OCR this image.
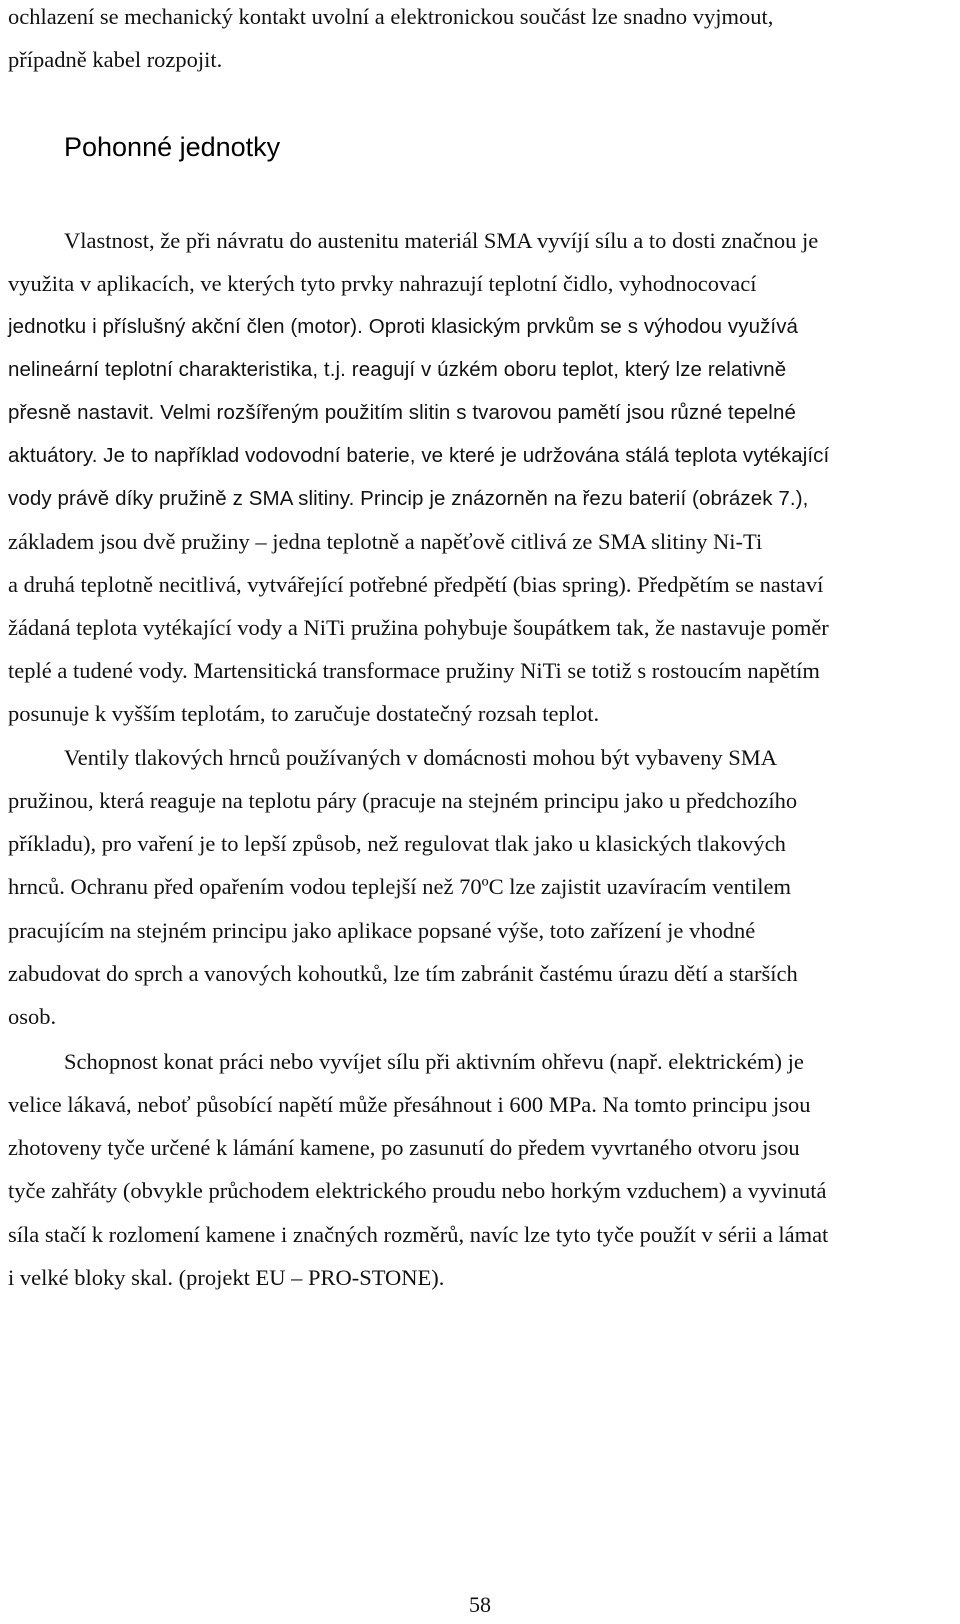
ochlazení se mechanický kontakt uvolní a elektronickou součást lze snadno vyjmout,
případně kabel rozpojit.
Pohonné jednotky
Vlastnost, že při návratu do austenitu materiál SMA vyvíjí sílu a to dosti značnou je
využita v aplikacích, ve kterých tyto prvky nahrazují teplotní čidlo, vyhodnocovací
jednotku i příslušný akční člen (motor). Oproti klasickým prvkům se s výhodou využívá
nelineární teplotní charakteristika, t.j. reagují v úzkém oboru teplot, který lze relativně
přesně nastavit. Velmi rozšířeným použitím slitin s tvarovou pamětí jsou různé tepelné
aktuátory. Je to například vodovodní baterie, ve které je udržována stálá teplota vytékající
vody právě díky pružině z SMA slitiny. Princip je znázorněn na řezu baterií (obrázek 7.),
základem jsou dvě pružiny – jedna teplotně a napěťově citlivá ze SMA slitiny Ni-Ti
a druhá teplotně necitlivá, vytvářející potřebné předpětí (bias spring). Předpětím se nastaví
žádaná teplota vytékající vody a NiTi pružina pohybuje šoupátkem tak, že nastavuje poměr
teplé a tudené vody. Martensitická transformace pružiny NiTi se totiž s rostoucím napětím
posunuje k vyšším teplotám, to zaručuje dostatečný rozsah teplot.
Ventily tlakových hrnců používaných v domácnosti mohou být vybaveny SMA
pružinou, která reaguje na teplotu páry (pracuje na stejném principu jako u předchozího
příkladu), pro vaření je to lepší způsob, než regulovat tlak jako u klasických tlakových
hrnců. Ochranu před opařením vodou teplejší než 70ºC lze zajistit uzavíracím ventilem
pracujícím na stejném principu jako aplikace popsané výše, toto zařízení je vhodné
zabudovat do sprch a vanových kohoutků, lze tím zabránit častému úrazu dětí a starších
osob.
Schopnost konat práci nebo vyvíjet sílu při aktivním ohřevu (např. elektrickém) je
velice lákavá, neboť působící napětí může přesáhnout i 600 MPa. Na tomto principu jsou
zhotoveny tyče určené k lámání kamene, po zasunutí do předem vyvrtaného otvoru jsou
tyče zahřáty (obvykle průchodem elektrického proudu nebo horkým vzduchem) a vyvinutá
síla stačí k rozlomení kamene i značných rozměrů, navíc lze tyto tyče použít v sérii a lámat
i velké bloky skal. (projekt EU – PRO-STONE).
58
